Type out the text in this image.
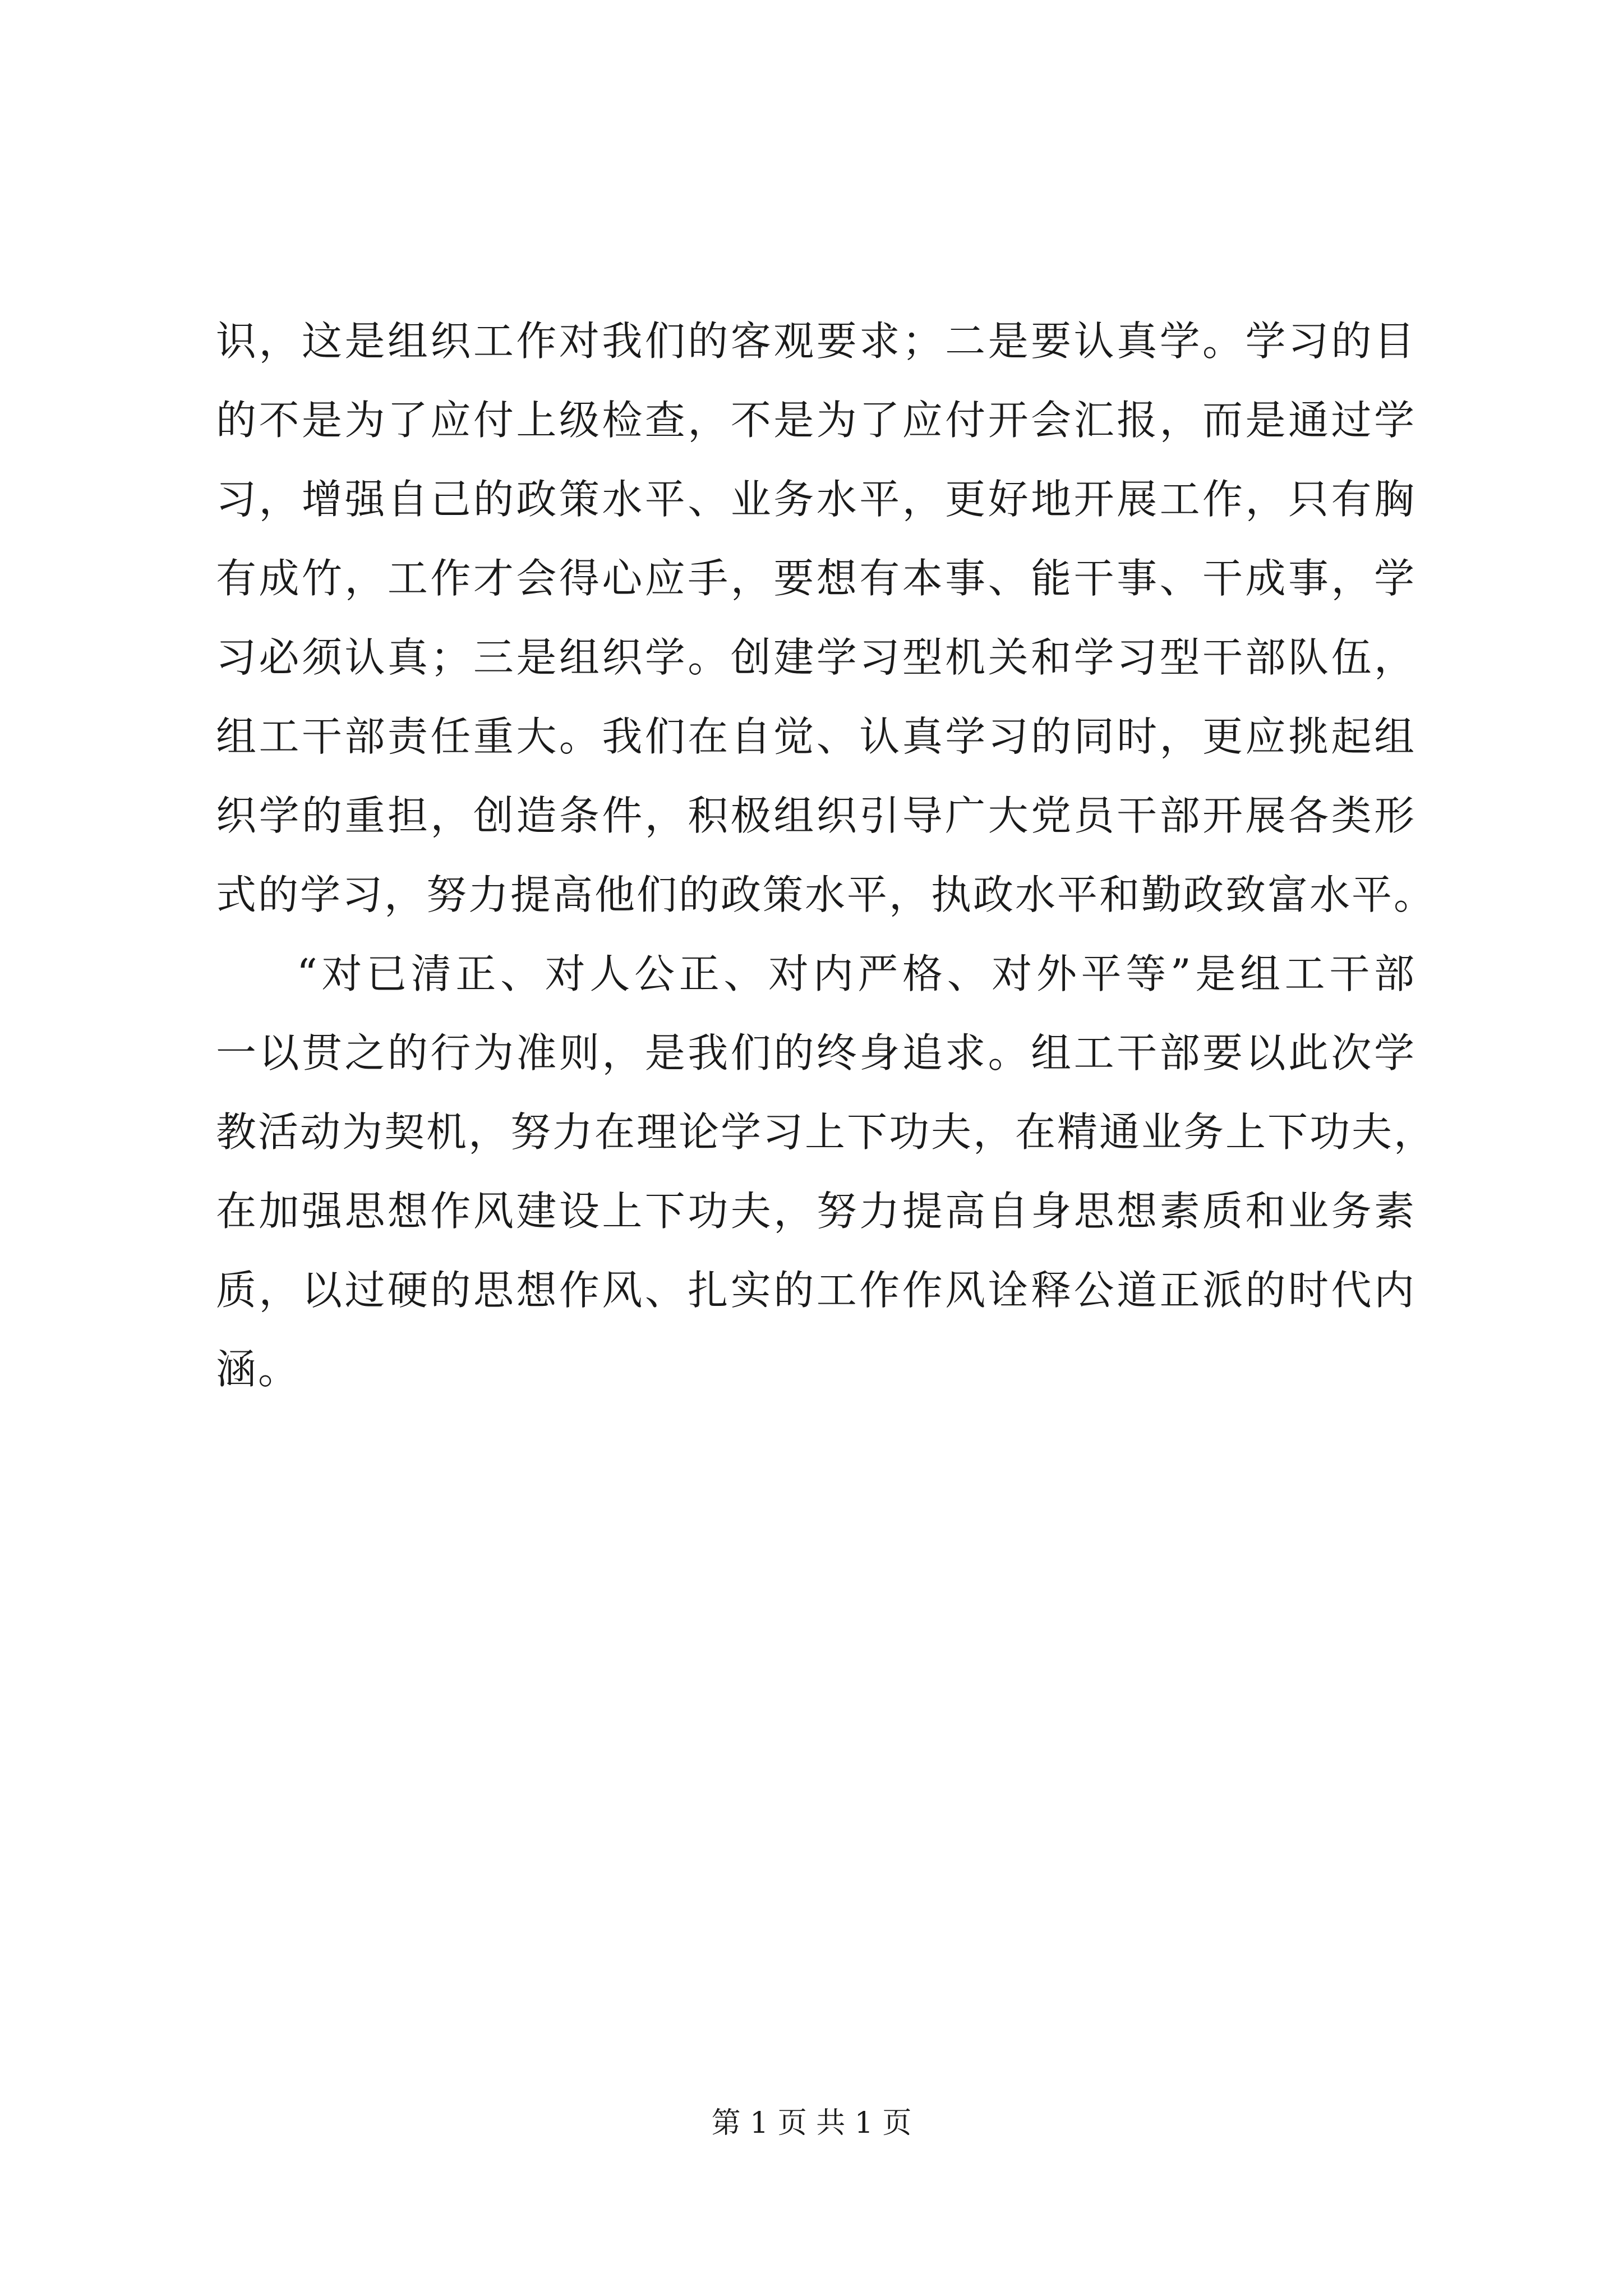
识，这是组织工作对我们的客观要求；二是要认真学。学习的目
的不是为了应付上级检查，不是为了应付开会汇报，而是通过学
习，增强自己的政策水平、业务水平，更好地开展工作，只有胸
有成竹，工作才会得心应手，要想有本事、能干事、干成事，学
习必须认真；三是组织学。创建学习型机关和学习型干部队伍，
组工干部责任重大。我们在自觉、认真学习的同时，更应挑起组
织学的重担，创造条件，积极组织引导广大党员干部开展各类形
式的学习，努力提高他们的政策水平，执政水平和勤政致富水平。
“对已清正、对人公正、对内严格、对外平等”是组工干部
一以贯之的行为准则，是我们的终身追求。组工干部要以此次学
教活动为契机，努力在理论学习上下功夫，在精通业务上下功夫，
在加强思想作风建设上下功夫，努力提高自身思想素质和业务素
质，以过硬的思想作风、扎实的工作作风诠释公道正派的时代内
涵。
第 1 页 共 1 页
